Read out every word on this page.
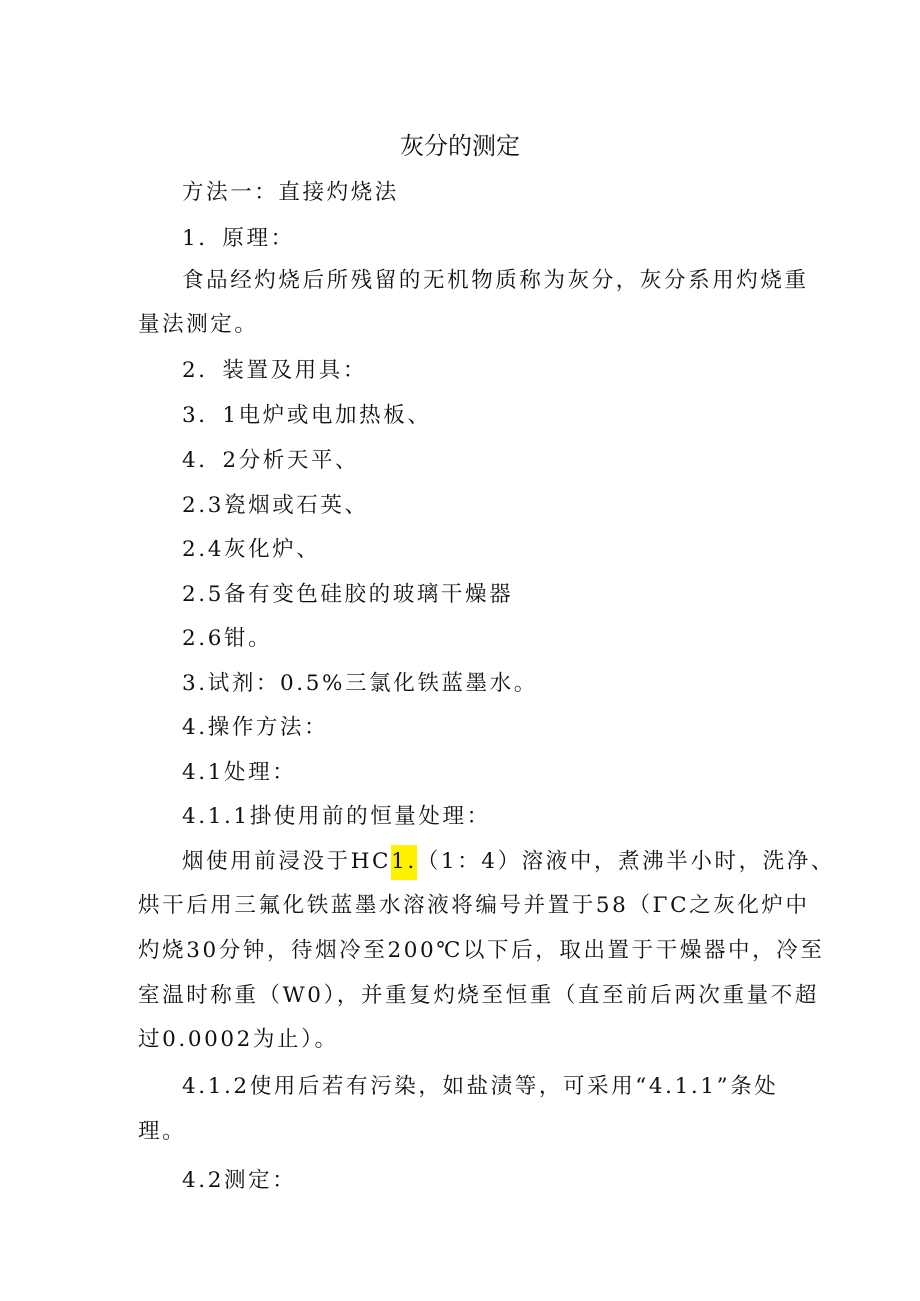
灰分的测定
方法一：直接灼烧法
1．原理：
食品经灼烧后所残留的无机物质称为灰分，灰分系用灼烧重
量法测定。
2．装置及用具：
3．1电炉或电加热板、
4．2分析天平、
2.3瓷烟或石英、
2.4灰化炉、
2.5备有变色硅胶的玻璃干燥器
2.6钳。
3.试剂：0.5%三氯化铁蓝墨水。
4.操作方法：
4.1处理：
4.1.1掛使用前的恒量处理：
烟使用前浸没于HC1.（1：4）溶液中，煮沸半小时，洗净、
烘干后用三氟化铁蓝墨水溶液将编号并置于58（ΓC之灰化炉中
灼烧30分钟，待烟冷至200℃以下后，取出置于干燥器中，冷至
室温时称重（W0），并重复灼烧至恒重（直至前后两次重量不超
过0.0002为止）。
4.1.2使用后若有污染，如盐渍等，可采用“4.1.1”条处
理。
4.2测定：
